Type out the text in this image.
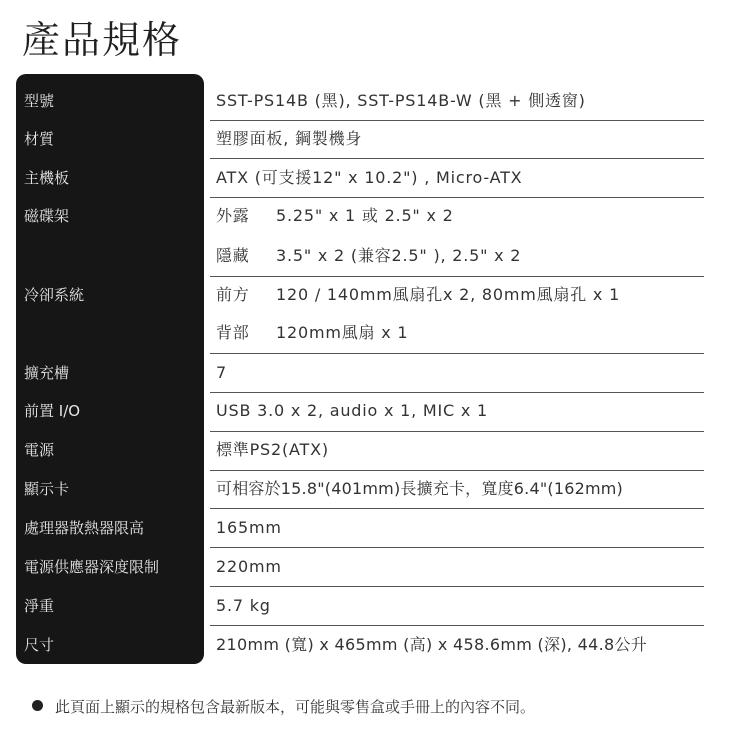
產品規格
型號	SST-PS14B (黑), SST-PS14B-W (黑 + 側透窗)
材質	塑膠面板, 鋼製機身
主機板	ATX (可支援12" x 10.2") , Micro-ATX
磁碟架	外露 5.25" x 1 或 2.5" x 2
隱藏 3.5" x 2 (兼容2.5" ), 2.5" x 2
冷卻系統	前方 120 / 140mm風扇孔x 2, 80mm風扇孔 x 1
背部 120mm風扇 x 1
擴充槽	7
前置 I/O	USB 3.0 x 2, audio x 1, MIC x 1
電源	標準PS2(ATX)
顯示卡	可相容於15.8"(401mm)長擴充卡，寬度6.4"(162mm)
處理器散熱器限高	165mm
電源供應器深度限制	220mm
淨重	5.7 kg
尺寸	210mm (寬) x 465mm (高) x 458.6mm (深), 44.8公升
此頁面上顯示的規格包含最新版本，可能與零售盒或手冊上的內容不同。
